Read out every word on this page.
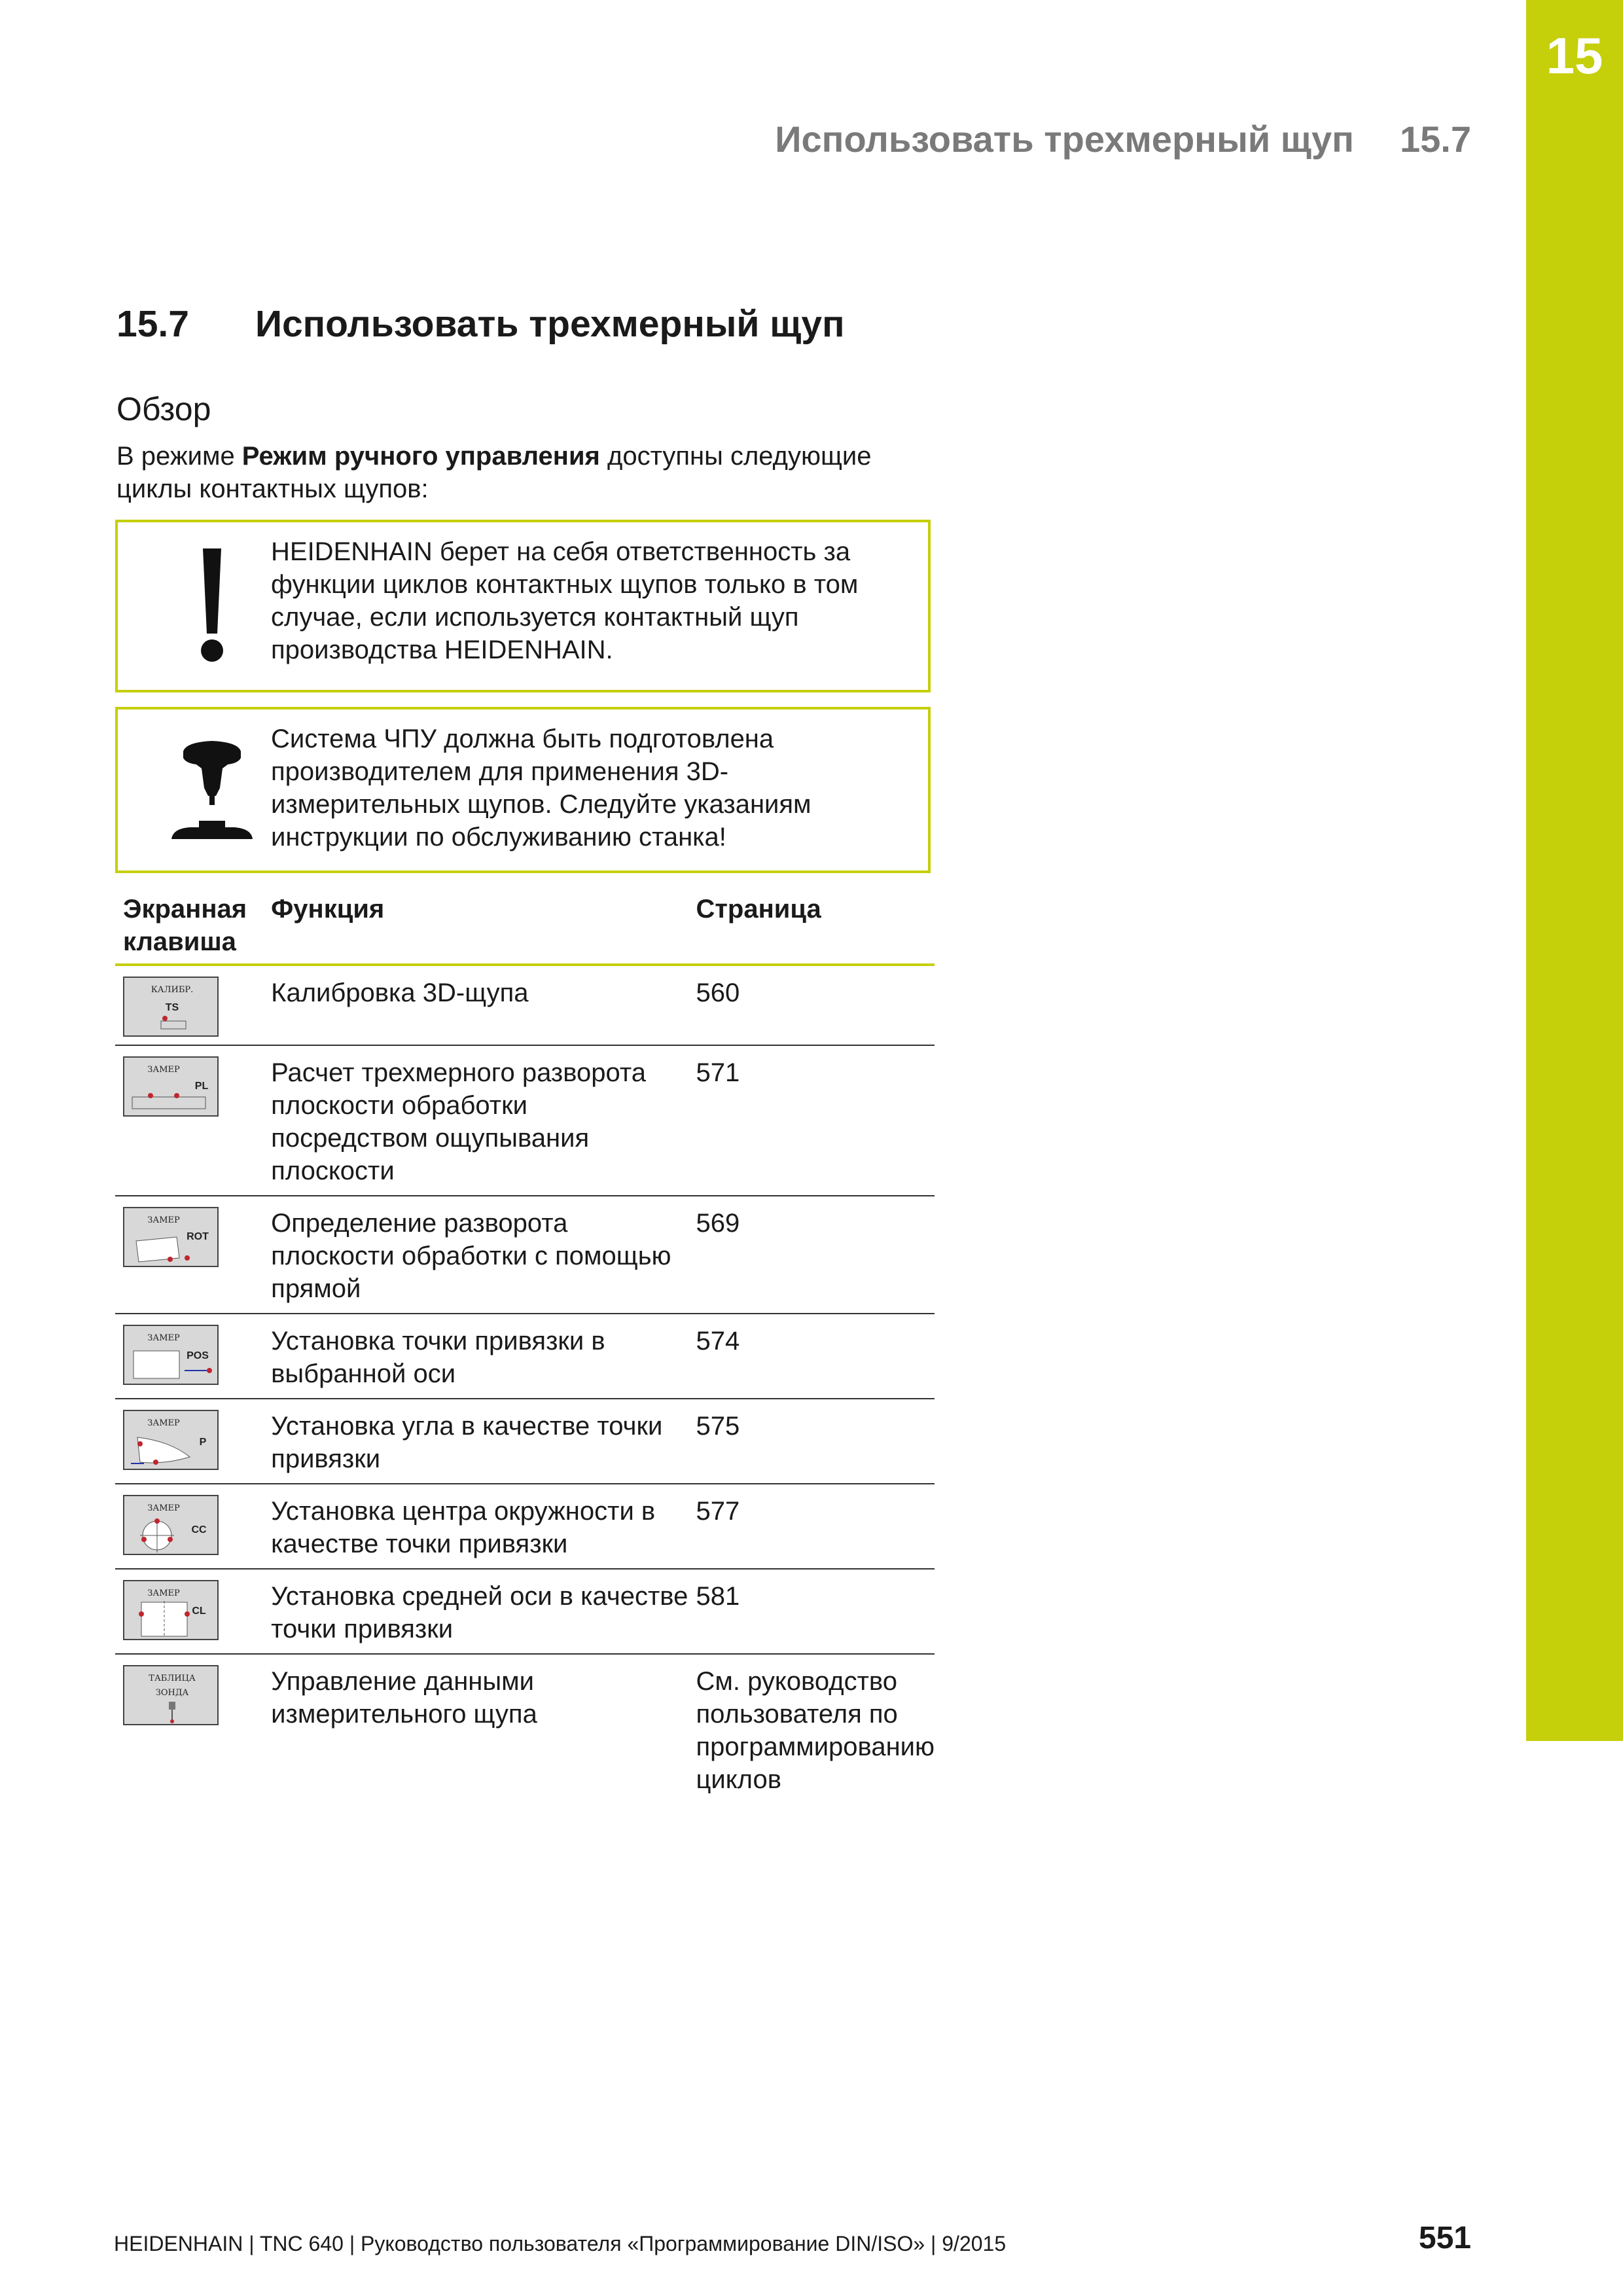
15
Использовать трехмерный щуп 15.7
15.7 Использовать трехмерный щуп
Обзор
В режиме Режим ручного управления доступны следующие циклы контактных щупов:
HEIDENHAIN берет на себя ответственность за функции циклов контактных щупов только в том случае, если используется контактный щуп производства HEIDENHAIN.
Система ЧПУ должна быть подготовлена производителем для применения 3D-измерительных щупов. Следуйте указаниям инструкции по обслуживанию станка!
Экранная клавиша	Функция	Страница

КАЛИБР.
TS	Калибровка 3D-щупа	560

ЗАМЕР
PL	Расчет трехмерного разворота плоскости обработки посредством ощупывания плоскости	571

ЗАМЕР
ROT	Определение разворота плоскости обработки с помощью прямой	569

ЗАМЕР
POS	Установка точки привязки в выбранной оси	574

ЗАМЕР
P	Установка угла в качестве точки привязки	575

ЗАМЕР
CC	Установка центра окружности в качестве точки привязки	577

ЗАМЕР
CL	Установка средней оси в качестве точки привязки	581

ТАБЛИЦА
ЗОНДА	Управление данными измерительного щупа	См. руководство пользователя по программированию циклов
HEIDENHAIN | TNC 640 | Руководство пользователя «Программирование DIN/ISO» | 9/2015	551
